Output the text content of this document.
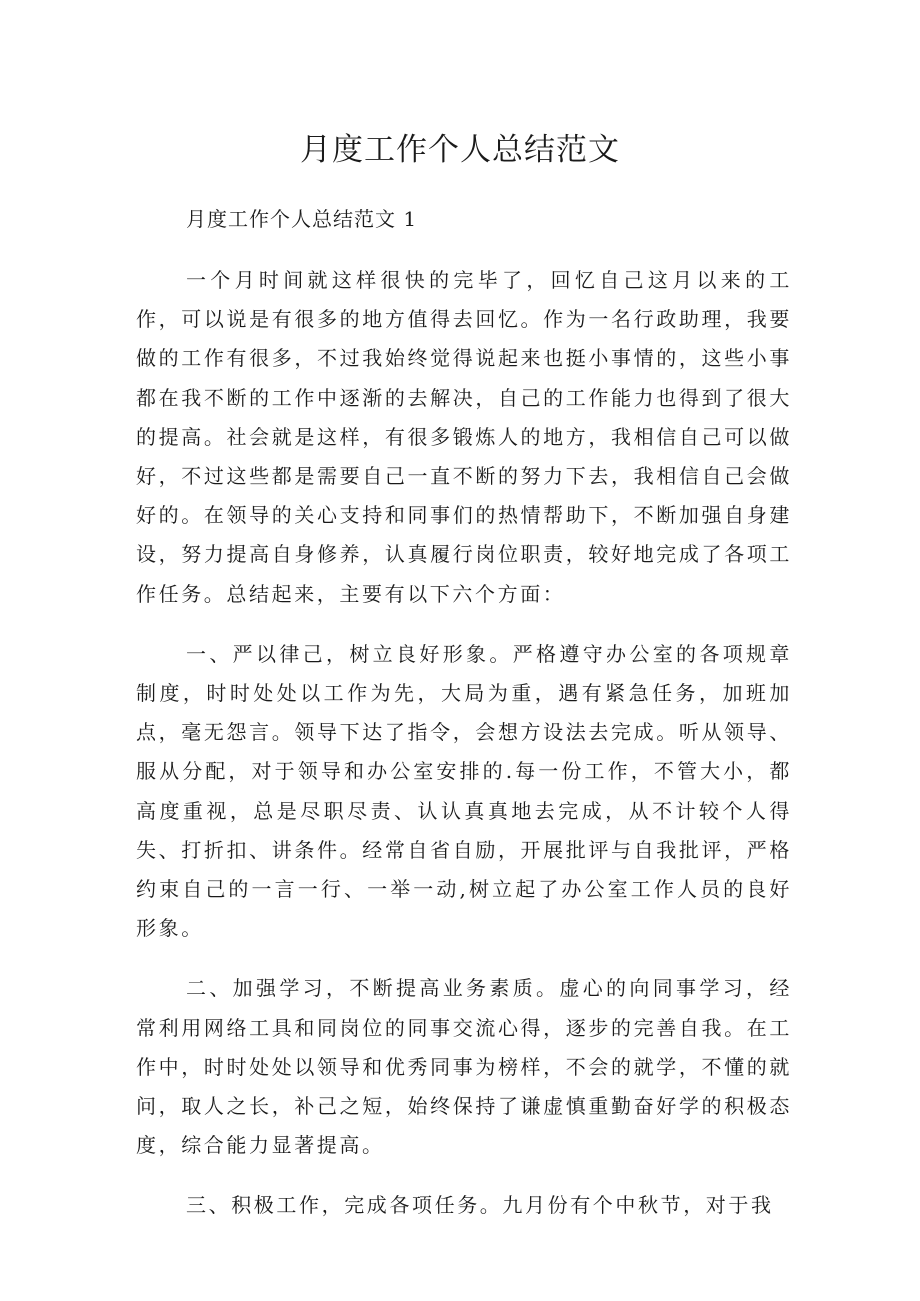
月度工作个人总结范文

月度工作个人总结范文 1

一个月时间就这样很快的完毕了，回忆自己这月以来的工作，可以说是有很多的地方值得去回忆。作为一名行政助理，我要做的工作有很多，不过我始终觉得说起来也挺小事情的，这些小事都在我不断的工作中逐渐的去解决，自己的工作能力也得到了很大的提高。社会就是这样，有很多锻炼人的地方，我相信自己可以做好，不过这些都是需要自己一直不断的努力下去，我相信自己会做好的。在领导的关心支持和同事们的热情帮助下，不断加强自身建设，努力提高自身修养，认真履行岗位职责，较好地完成了各项工作任务。总结起来，主要有以下六个方面：

一、严以律己，树立良好形象。严格遵守办公室的各项规章制度，时时处处以工作为先，大局为重，遇有紧急任务，加班加点，毫无怨言。领导下达了指令，会想方设法去完成。听从领导、服从分配，对于领导和办公室安排的.每一份工作，不管大小，都高度重视，总是尽职尽责、认认真真地去完成，从不计较个人得失、打折扣、讲条件。经常自省自励，开展批评与自我批评，严格约束自己的一言一行、一举一动,树立起了办公室工作人员的良好形象。

二、加强学习，不断提高业务素质。虚心的向同事学习，经常利用网络工具和同岗位的同事交流心得，逐步的完善自我。在工作中，时时处处以领导和优秀同事为榜样，不会的就学，不懂的就问，取人之长，补己之短，始终保持了谦虚慎重勤奋好学的积极态度，综合能力显著提高。

三、积极工作，完成各项任务。九月份有个中秋节，对于我
